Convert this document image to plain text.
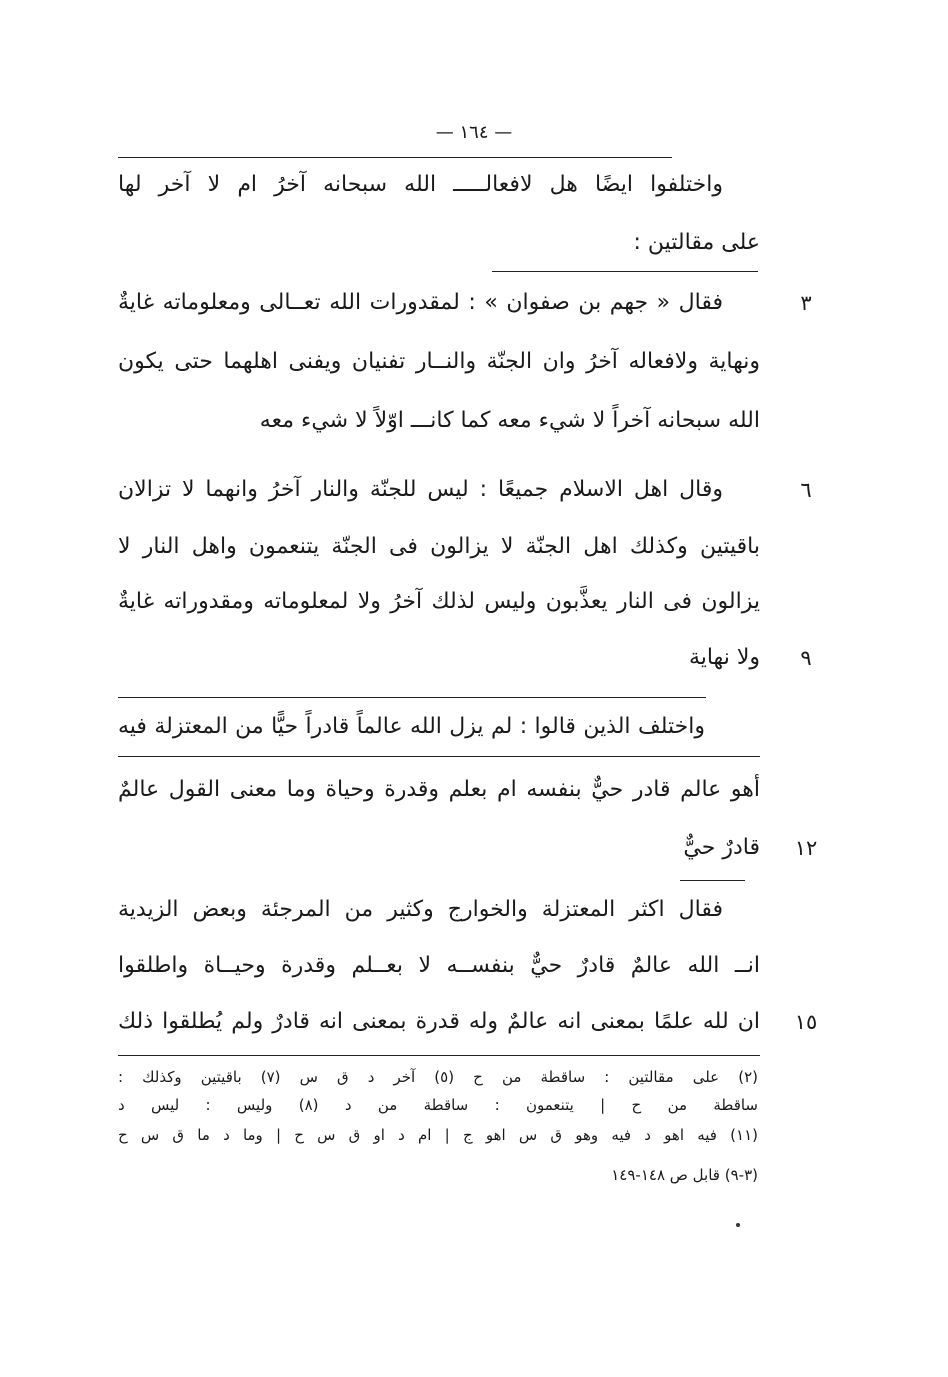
— ١٦٤ —
واختلفوا ايضًا هل لافعالـــــ الله سبحانه آخرُ ام لا آخر لها
على مقالتين :
فقال « جهم بن صفوان » : لمقدورات الله تعــالى ومعلوماته غايةٌ	٣
ونهاية ولافعاله آخرُ وان الجنّة والنــار تفنيان ويفنى اهلهما حتى يكون
الله سبحانه آخراً لا شيء معه كما كانـــ اوّلاً لا شيء معه
وقال اهل الاسلام جميعًا : ليس للجنّة والنار آخرُ وانهما لا تزالان	٦
باقيتين وكذلك اهل الجنّة لا يزالون فى الجنّة يتنعمون واهل النار لا
يزالون فى النار يعذَّبون وليس لذلك آخرُ ولا لمعلوماته ومقدوراته غايةٌ
ولا نهاية	٩
واختلف الذين قالوا : لم يزل الله عالماً قادراً حيًّا من المعتزلة فيه
أهو عالم قادر حيٌّ بنفسه ام بعلم وقدرة وحياة وما معنى القول عالمٌ
قادرٌ حيٌّ	١٢
فقال اكثر المعتزلة والخوارج وكثير من المرجئة وبعض الزيدية
انــ الله عالمٌ قادرٌ حيٌّ بنفســه لا بعــلم وقدرة وحيــاة واطلقوا
ان لله علمًا بمعنى انه عالمٌ وله قدرة بمعنى انه قادرٌ ولم يُطلقوا ذلك	١٥
(٢) على مقالتين : ساقطة من ح (٥) آخر د ق س (٧) باقيتين وكذلك :
ساقطة من ح | يتنعمون : ساقطة من د (٨) وليس : ليس د
(١١) فيه اهو د فيه وهو ق س اهو ج | ام د او ق س ح | وما د ما ق س ح
(٣-٩) قابل ص ١٤٨-١٤٩
